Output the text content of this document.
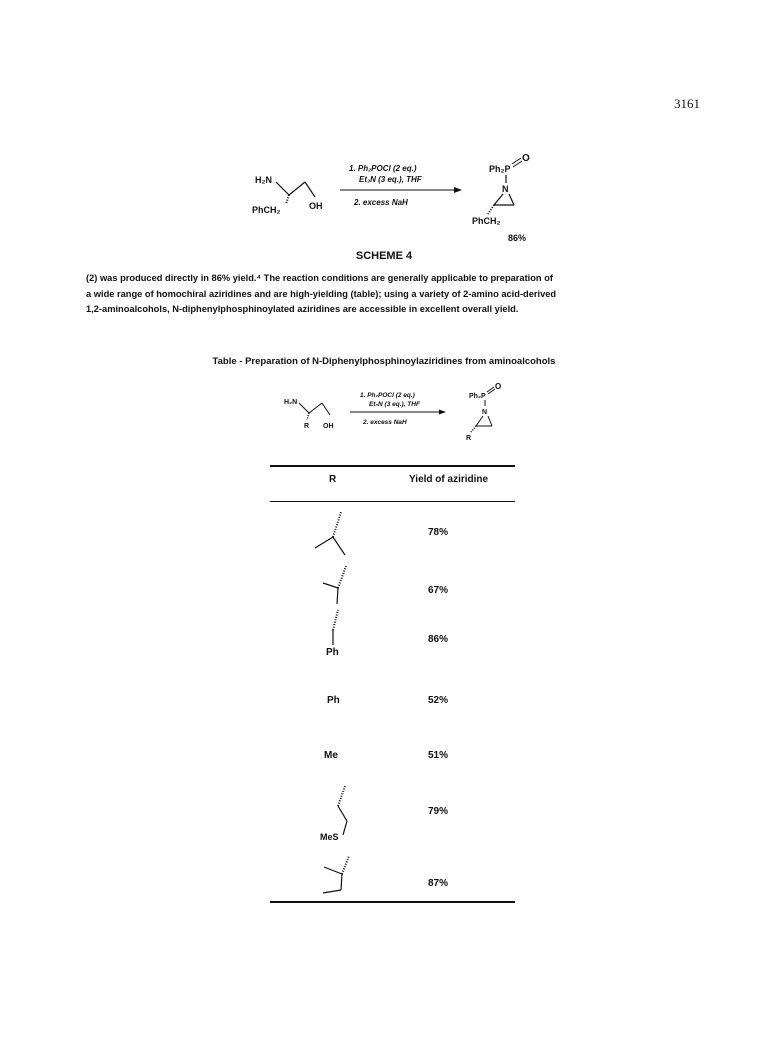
3161
H₂N
PhCH₂	OH
1. Ph₂POCl (2 eq.)
Et₃N (3 eq.), THF
2. excess NaH
Ph₂P
O
N
PhCH₂
86%
SCHEME 4

(2) was produced directly in 86% yield.⁴ The reaction conditions are generally applicable to preparation of

a wide range of homochiral aziridines and are high-yielding (table); using a variety of 2-amino acid-derived

1,2-aminoalcohols, N-diphenylphosphinoylated aziridines are accessible in excellent overall yield.

Table - Preparation of N-Diphenylphosphinoylaziridines from aminoalcohols
H₂N
R OH
1. Ph₂POCl (2 eq.)
Et₃N (3 eq.), THF
2. excess NaH
Ph₂P
O
N
R
R	Yield of aziridine
Ph
Ph
Me
MeS
78%
67%
86%
52%
51%
79%
87%
